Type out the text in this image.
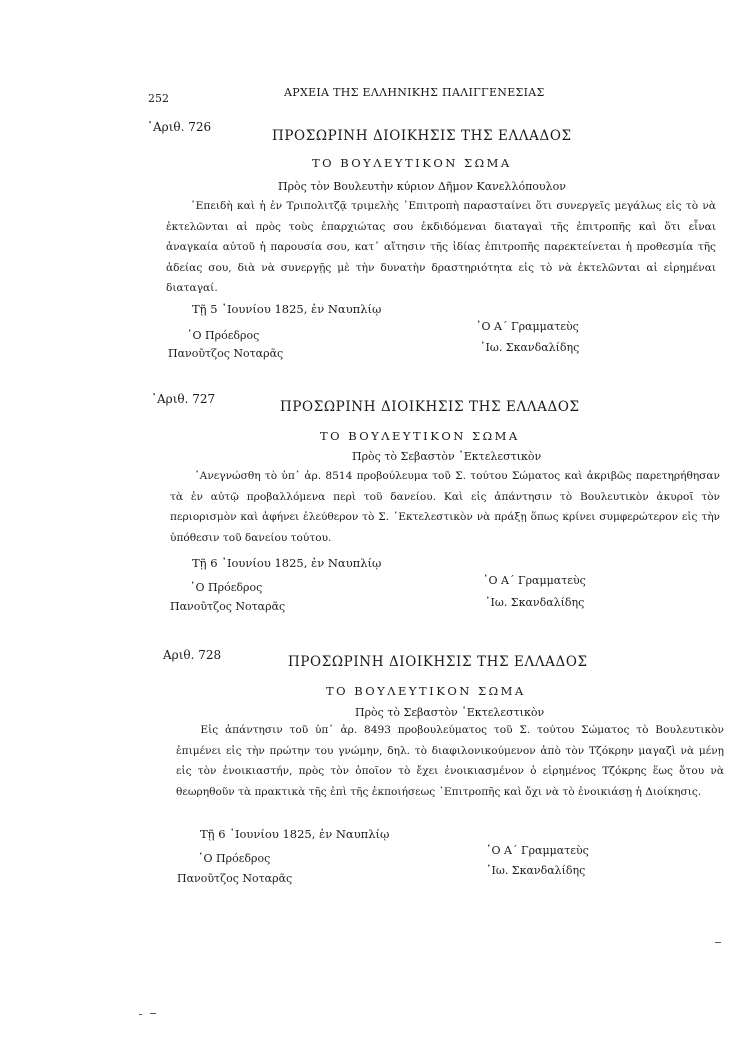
252	ΑΡΧΕΙΑ ΤΗΣ ΕΛΛΗΝΙΚΗΣ ΠΑΛΙΓΓΕΝΕΣΙΑΣ
᾿Αριθ. 726
ΠΡΟΣΩΡΙΝΗ ΔΙΟΙΚΗΣΙΣ ΤΗΣ ΕΛΛΑΔΟΣ
ΤΟ ΒΟΥΛΕΥΤΙΚΟΝ ΣΩΜΑ
Πρὸς τὸν Βουλευτὴν κύριον Δῆμον Κανελλόπουλον

᾿Επειδὴ καὶ ἡ ἐν Τριπολιτζᾷ τριμελὴς ᾿Επιτροπὴ παρασταίνει ὅτι συνεργεῖς μεγάλως εἰς τὸ νὰ ἐκτελῶνται αἱ πρὸς τοὺς ἐπαρχιώτας σου ἐκδιδόμεναι διαταγαὶ τῆς ἐπιτροπῆς καὶ ὅτι εἶναι ἀναγκαία αὐτοῦ ἡ παρουσία σου, κατ᾿ αἴτησιν τῆς ἰδίας ἐπιτροπῆς παρεκτείνεται ἡ προθεσμία τῆς ἀδείας σου, διὰ νὰ συνεργῇς μὲ τὴν δυνατὴν δραστηριότητα εἰς τὸ νὰ ἐκτελῶνται αἱ εἰρημέναι διαταγαί.

Τῇ 5 ᾿Ιουνίου 1825, ἐν Ναυπλίῳ
῾Ο Πρόεδρος
Πανοῦτζος Νοταρᾶς
῾Ο Α΄ Γραμματεὺς
᾿Ιω. Σκανδαλίδης
᾿Αριθ. 727	ΠΡΟΣΩΡΙΝΗ ΔΙΟΙΚΗΣΙΣ ΤΗΣ ΕΛΛΑΔΟΣ
ΤΟ ΒΟΥΛΕΥΤΙΚΟΝ ΣΩΜΑ
Πρὸς τὸ Σεβαστὸν ᾿Εκτελεστικὸν

᾿Ανεγνώσθη τὸ ὑπ᾿ ἀρ. 8514 προβούλευμα τοῦ Σ. τούτου Σώματος καὶ ἀκριβῶς παρετηρήθησαν τὰ ἐν αὐτῷ προβαλλόμενα περὶ τοῦ δανείου. Καὶ εἰς ἀπάντησιν τὸ Βουλευτικὸν ἀκυροῖ τὸν περιορισμὸν καὶ ἀφήνει ἐλεύθερον τὸ Σ. ᾿Εκτελεστικὸν νὰ πράξῃ ὅπως κρίνει συμφερώτερον εἰς τὴν ὑπόθεσιν τοῦ δανείου τούτου.

Τῇ 6 ᾿Ιουνίου 1825, ἐν Ναυπλίῳ
῾Ο Πρόεδρος
Πανοῦτζος Νοταρᾶς
῾Ο Α΄ Γραμματεὺς
᾿Ιω. Σκανδαλίδης
Αριθ. 728	ΠΡΟΣΩΡΙΝΗ ΔΙΟΙΚΗΣΙΣ ΤΗΣ ΕΛΛΑΔΟΣ
ΤΟ ΒΟΥΛΕΥΤΙΚΟΝ ΣΩΜΑ
Πρὸς τὸ Σεβαστὸν ᾿Εκτελεστικὸν

Εἰς ἀπάντησιν τοῦ ὑπ᾿ ἀρ. 8493 προβουλεύματος τοῦ Σ. τούτου Σώματος τὸ Βουλευτικὸν ἐπιμένει εἰς τὴν πρώτην του γνώμην, δηλ. τὸ διαφιλονικούμενον ἀπὸ τὸν Τζόκρην μαγαζὶ νὰ μένῃ εἰς τὸν ἐνοικιαστήν, πρὸς τὸν ὁποῖον τὸ ἔχει ἐνοικιασμένον ὁ εἰρημένος Τζόκρης ἕως ὅτου νὰ θεωρηθοῦν τὰ πρακτικὰ τῆς ἐπὶ τῆς ἐκποιήσεως ᾿Επιτροπῆς καὶ ὄχι νὰ τὸ ἐνοικιάσῃ ἡ Διοίκησις.

Τῇ 6 ᾿Ιουνίου 1825, ἐν Ναυπλίῳ
῾Ο Πρόεδρος
Πανοῦτζος Νοταρᾶς
῾Ο Α΄ Γραμματεὺς
᾿Ιω. Σκανδαλίδης
